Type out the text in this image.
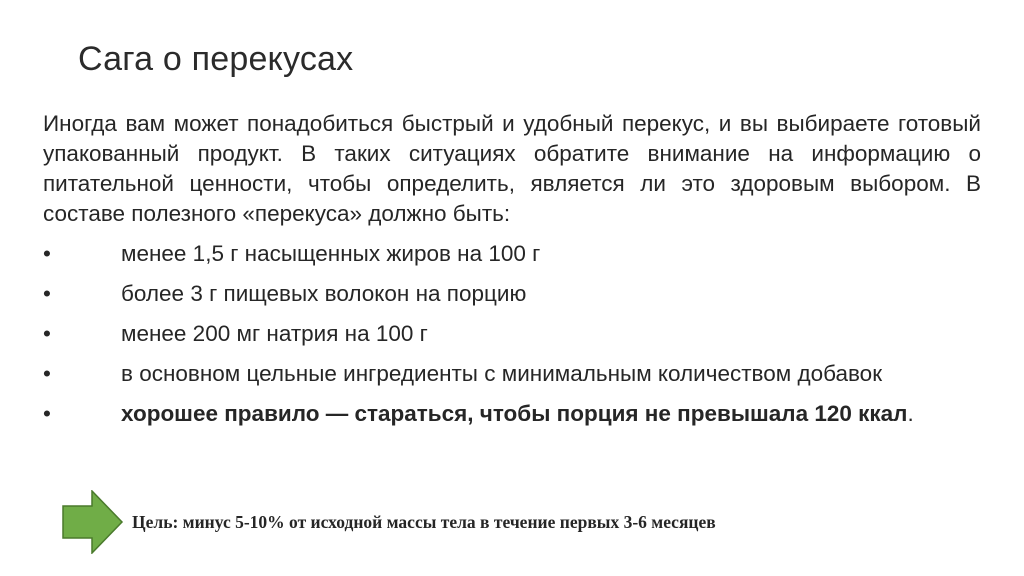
Сага о перекусах

Иногда вам может понадобиться быстрый и удобный перекус, и вы выбираете готовый упакованный продукт. В таких ситуациях обратите внимание на информацию о питательной ценности, чтобы определить, является ли это здоровым выбором. В составе полезного «перекуса» должно быть:

•	менее 1,5 г насыщенных жиров на 100 г
•	более 3 г пищевых волокон на порцию
•	менее 200 мг натрия на 100 г
•	в основном цельные ингредиенты с минимальным количеством добавок
•	хорошее правило — стараться, чтобы порция не превышала 120 ккал.
Цель: минус 5-10% от исходной массы тела в течение первых 3-6 месяцев
